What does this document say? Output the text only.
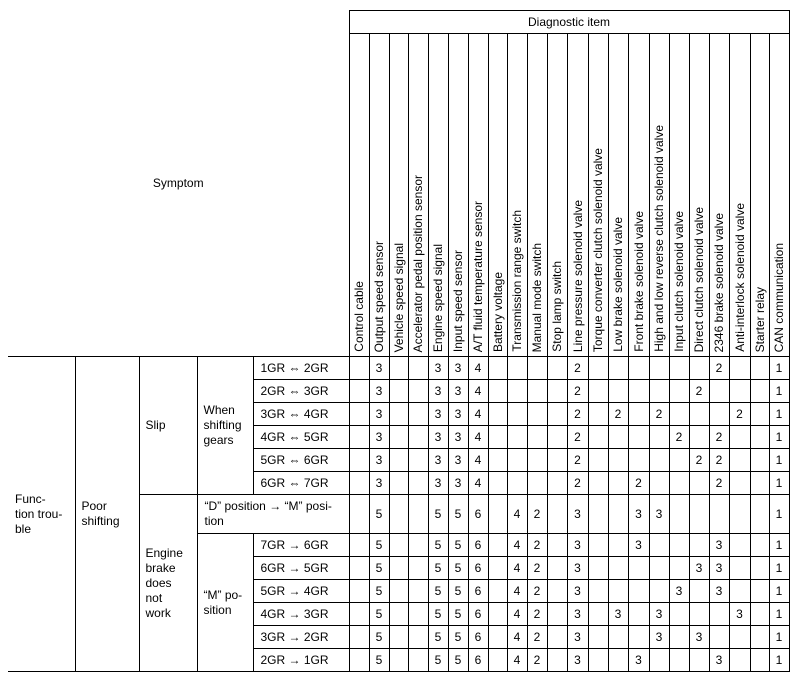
Symptom					Diagnostic item																					

					Control cable	Output speed sensor	Vehicle speed signal	Accelerator pedal position sensor	Engine speed signal	Input speed sensor	A/T fluid temperature sensor	Battery voltage	Transmission range switch	Manual mode switch	Stop lamp switch	Line pressure solenoid valve	Torque converter clutch solenoid valve	Low brake solenoid valve	Front brake solenoid valve	High and low reverse clutch solenoid valve	Input clutch solenoid valve	Direct clutch solenoid valve	2346 brake solenoid valve	Anti-interlock solenoid valve	Starter relay	CAN communication

Func-
tion trou-
ble	Poor
shifting	Slip	When
shifting
gears	1GR ⇔ 2GR		3			3	3	4					2							2			1
				2GR ⇔ 3GR		3			3	3	4					2						2				1
				3GR ⇔ 4GR		3			3	3	4					2		2		2				2		1
				4GR ⇔ 5GR		3			3	3	4					2					2		2			1
				5GR ⇔ 6GR		3			3	3	4					2						2	2			1
				6GR ⇔ 7GR		3			3	3	4					2			2				2			1
		Engine
brake
does
not
work	“D” position → “M” posi-
tion			5			5	5	6		4	2		3			3	3						1
			“M” po-
sition	7GR → 6GR		5			5	5	6		4	2		3			3				3			1
				6GR → 5GR		5			5	5	6		4	2		3						3	3			1
				5GR → 4GR		5			5	5	6		4	2		3					3		3			1
				4GR → 3GR		5			5	5	6		4	2		3		3		3				3		1
				3GR → 2GR		5			5	5	6		4	2		3				3		3				1
				2GR → 1GR		5			5	5	6		4	2		3			3				3			1
